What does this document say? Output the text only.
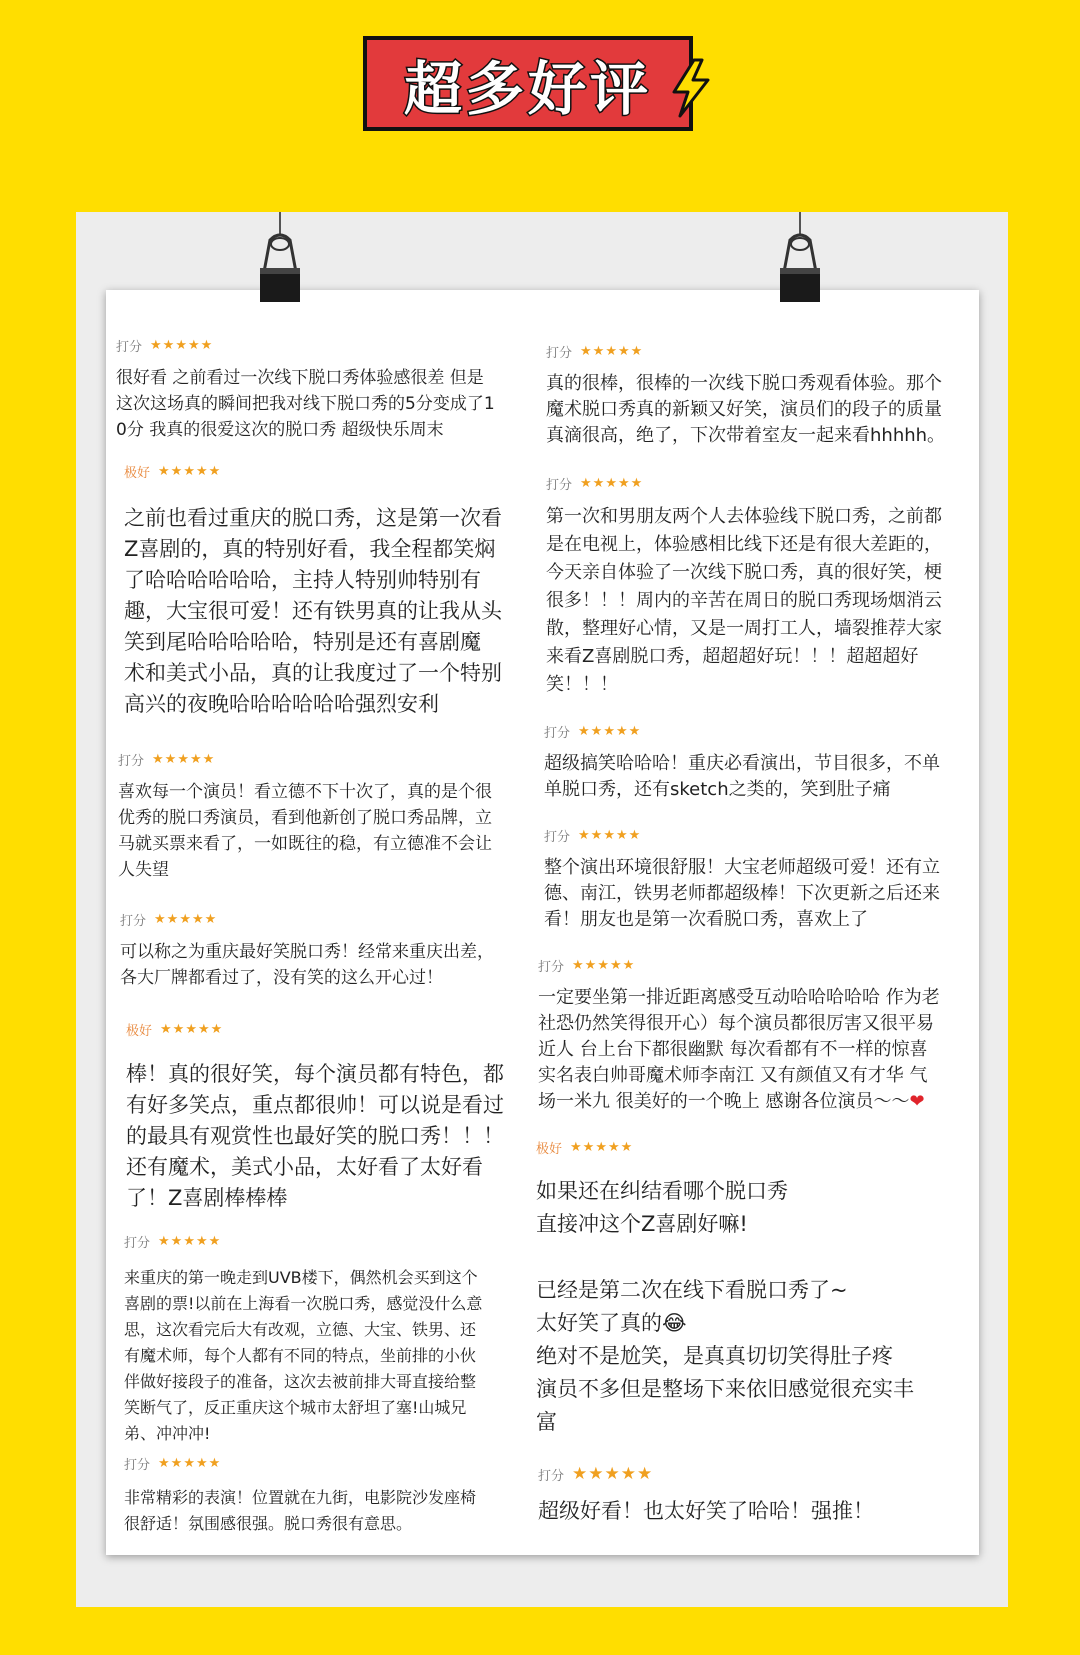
超多好评
打分 ★★★★★
很好看 之前看过一次线下脱口秀体验感很差 但是
这次这场真的瞬间把我对线下脱口秀的5分变成了1
0分 我真的很爱这次的脱口秀 超级快乐周末
极好 ★★★★★
之前也看过重庆的脱口秀，这是第一次看
Z喜剧的，真的特别好看，我全程都笑焖
了哈哈哈哈哈哈，主持人特别帅特别有
趣，大宝很可爱！还有铁男真的让我从头
笑到尾哈哈哈哈哈，特别是还有喜剧魔
术和美式小品，真的让我度过了一个特别
高兴的夜晚哈哈哈哈哈哈强烈安利
打分 ★★★★★
喜欢每一个演员！看立德不下十次了，真的是个很
优秀的脱口秀演员，看到他新创了脱口秀品牌，立
马就买票来看了，一如既往的稳，有立德准不会让
人失望
打分 ★★★★★
可以称之为重庆最好笑脱口秀！经常来重庆出差，
各大厂牌都看过了，没有笑的这么开心过！
极好 ★★★★★
棒！真的很好笑，每个演员都有特色，都
有好多笑点，重点都很帅！可以说是看过
的最具有观赏性也最好笑的脱口秀！！！
还有魔术，美式小品，太好看了太好看
了！Z喜剧棒棒棒
打分 ★★★★★
来重庆的第一晚走到UVB楼下，偶然机会买到这个
喜剧的票!以前在上海看一次脱口秀，感觉没什么意
思，这次看完后大有改观，立德、大宝、铁男、还
有魔术师，每个人都有不同的特点，坐前排的小伙
伴做好接段子的准备，这次去被前排大哥直接给整
笑断气了，反正重庆这个城市太舒坦了塞!山城兄
弟、冲冲冲!
打分 ★★★★★
非常精彩的表演！位置就在九街，电影院沙发座椅
很舒适！氛围感很强。脱口秀很有意思。
打分 ★★★★★
真的很棒，很棒的一次线下脱口秀观看体验。那个
魔术脱口秀真的新颖又好笑，演员们的段子的质量
真滴很高，绝了，下次带着室友一起来看hhhhh。
打分 ★★★★★
第一次和男朋友两个人去体验线下脱口秀，之前都
是在电视上，体验感相比线下还是有很大差距的，
今天亲自体验了一次线下脱口秀，真的很好笑，梗
很多！！！周内的辛苦在周日的脱口秀现场烟消云
散，整理好心情，又是一周打工人，墙裂推荐大家
来看Z喜剧脱口秀，超超超好玩！！！超超超好
笑！！！
打分 ★★★★★
超级搞笑哈哈哈！重庆必看演出，节目很多，不单
单脱口秀，还有sketch之类的，笑到肚子痛
打分 ★★★★★
整个演出环境很舒服！大宝老师超级可爱！还有立
德、南江，铁男老师都超级棒！下次更新之后还来
看！朋友也是第一次看脱口秀，喜欢上了
打分 ★★★★★
一定要坐第一排近距离感受互动哈哈哈哈哈 作为老
社恐仍然笑得很开心）每个演员都很厉害又很平易
近人 台上台下都很幽默 每次看都有不一样的惊喜
实名表白帅哥魔术师李南江 又有颜值又有才华 气
场一米九 很美好的一个晚上 感谢各位演员～～❤
极好 ★★★★★
如果还在纠结看哪个脱口秀
直接冲这个Z喜剧好嘛!

已经是第二次在线下看脱口秀了~
太好笑了真的😂
绝对不是尬笑，是真真切切笑得肚子疼
演员不多但是整场下来依旧感觉很充实丰
富
打分 ★★★★★
超级好看！也太好笑了哈哈！强推！
